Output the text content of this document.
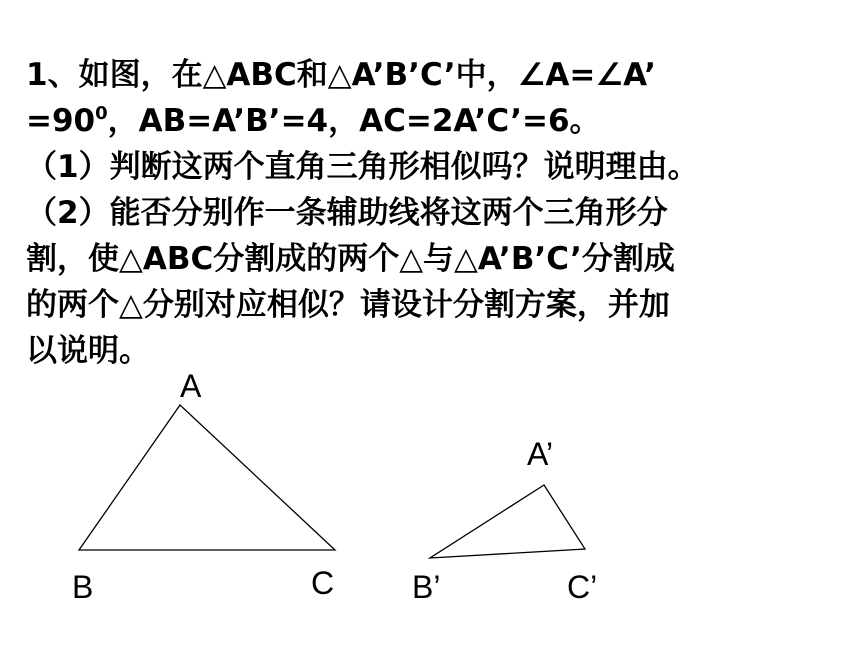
1、如图，在△ABC和△A’B’C’中，∠A=∠A’
$=90^0$，AB=A’B’=4，AC=2A’C’=6。
（1）判断这两个直角三角形相似吗？说明理由。
（2）能否分别作一条辅助线将这两个三角形分
割，使△ABC分割成的两个△与△A’B’C’分割成
的两个△分别对应相似？请设计分割方案，并加
以说明。
A
B	C
A’
B’	C’
